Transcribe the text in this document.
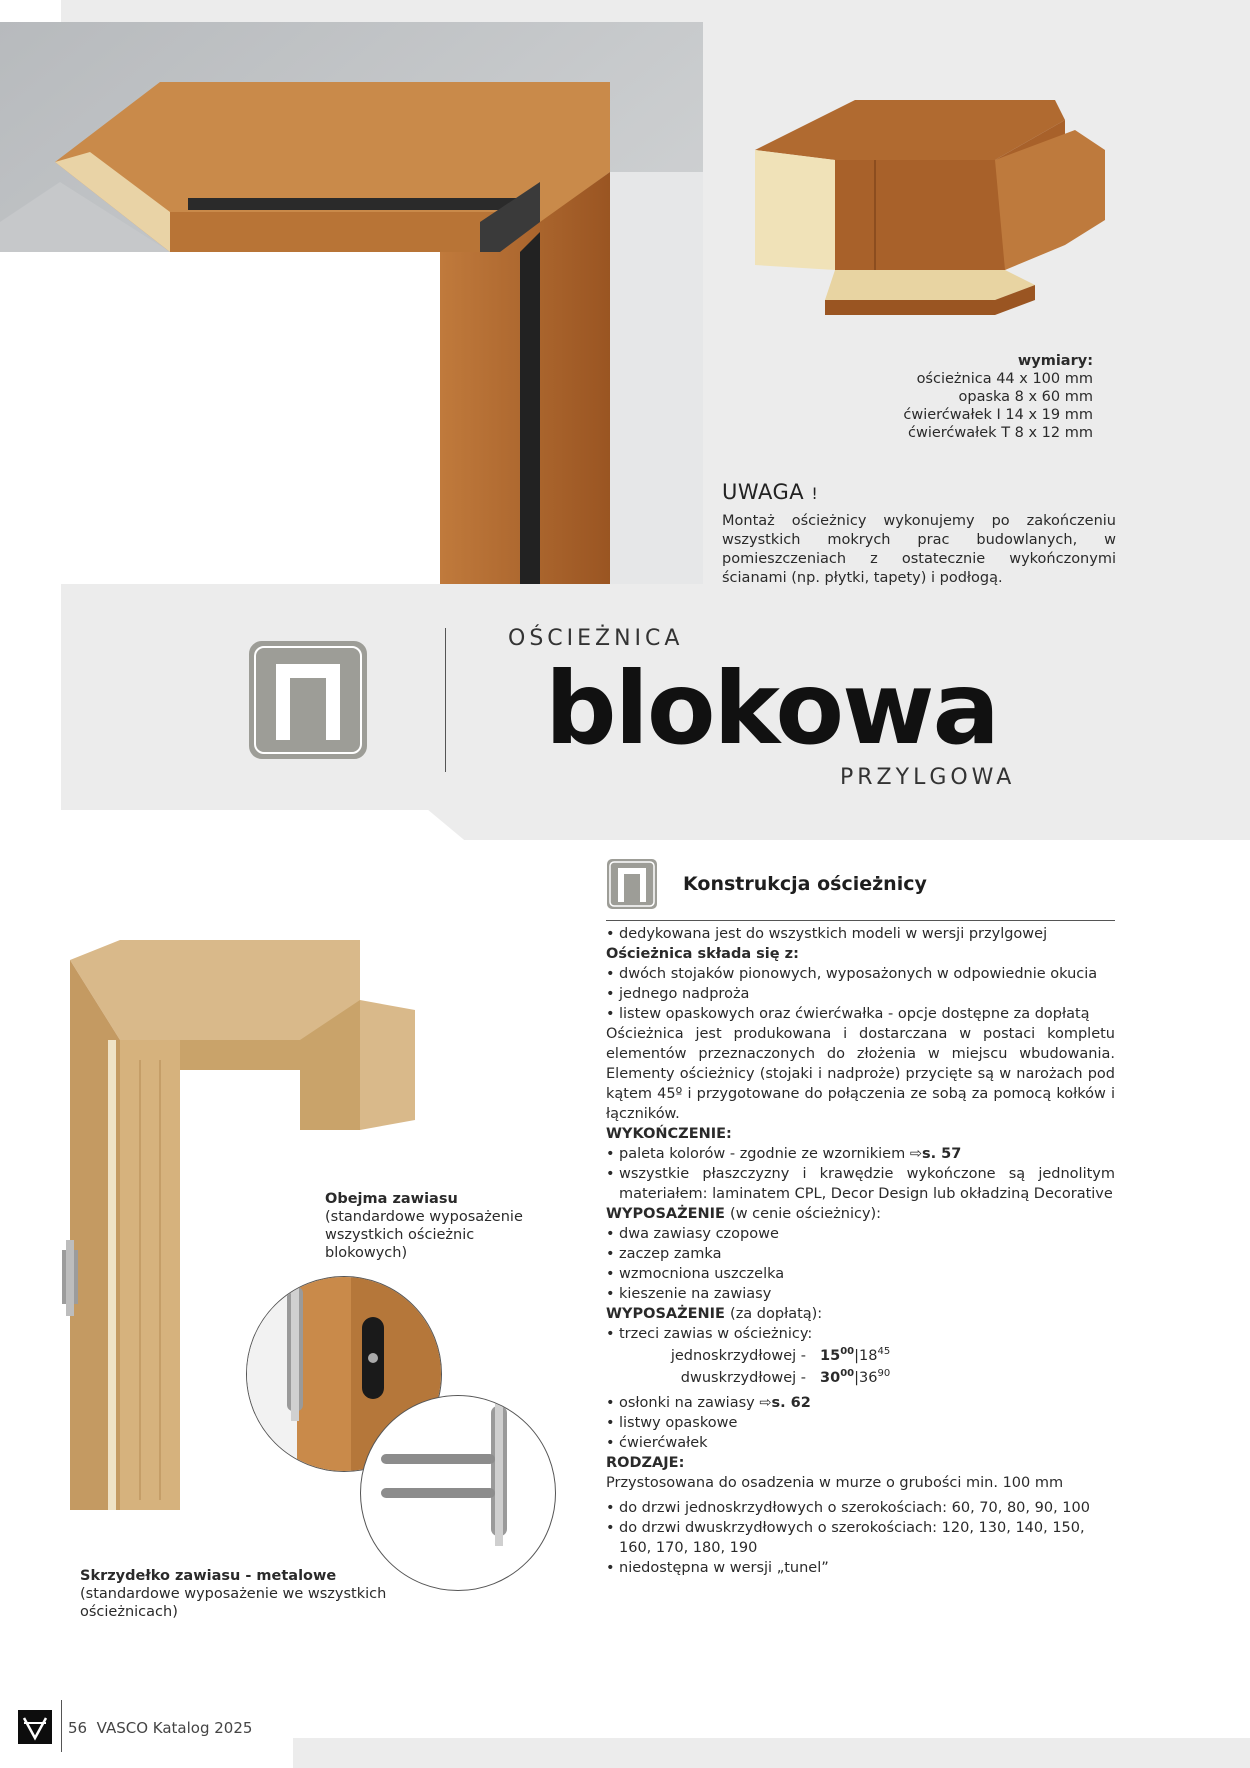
wymiary:
ościeżnica 44 x 100 mm
opaska 8 x 60 mm
ćwierćwałek I 14 x 19 mm
ćwierćwałek T 8 x 12 mm
UWAGA !
Montaż ościeżnicy wykonujemy po zakończeniu wszystkich mokrych prac budowlanych, w pomieszczeniach z ostatecznie wykończonymi ścianami (np. płytki, tapety) i podłogą.
OŚCIEŻNICA
blokowa
PRZYLGOWA
Konstrukcja ościeżnicy

• dedykowana jest do wszystkich modeli w wersji przylgowej

Ościeżnica składa się z:

• dwóch stojaków pionowych, wyposażonych w odpowiednie okucia

• jednego nadproża

• listew opaskowych oraz ćwierćwałka - opcje dostępne za dopłatą

Ościeżnica jest produkowana i dostarczana w postaci kompletu elementów przeznaczonych do złożenia w miejscu wbudowania. Elementy ościeżnicy (stojaki i nadproże) przycięte są w narożach pod kątem 45º i przygotowane do połączenia ze sobą za pomocą kołków i łączników.

WYKOŃCZENIE:

• paleta kolorów - zgodnie ze wzornikiem ⇨s. 57

• wszystkie płaszczyzny i krawędzie wykończone są jednolitym materiałem: laminatem CPL, Decor Design lub okładziną Decorative

WYPOSAŻENIE (w cenie ościeżnicy):

• dwa zawiasy czopowe

• zaczep zamka

• wzmocniona uszczelka

• kieszenie na zawiasy

WYPOSAŻENIE (za dopłatą):

• trzeci zawias w ościeżnicy:

jednoskrzydłowej - $15^{00}|18^{45}$
dwuskrzydłowej - $30^{00}|36^{90}$

• osłonki na zawiasy ⇨s. 62

• listwy opaskowe

• ćwierćwałek

RODZAJE:

Przystosowana do osadzenia w murze o grubości min. 100 mm

• do drzwi jednoskrzydłowych o szerokościach: 60, 70, 80, 90, 100

• do drzwi dwuskrzydłowych o szerokościach: 120, 130, 140, 150, 160, 170, 180, 190

• niedostępna w wersji „tunel”

Obejma zawiasu
(standardowe wyposażenie wszystkich ościeżnic blokowych)
Skrzydełko zawiasu - metalowe
(standardowe wyposażenie we wszystkich ościeżnicach)
56 VASCO Katalog 2025
